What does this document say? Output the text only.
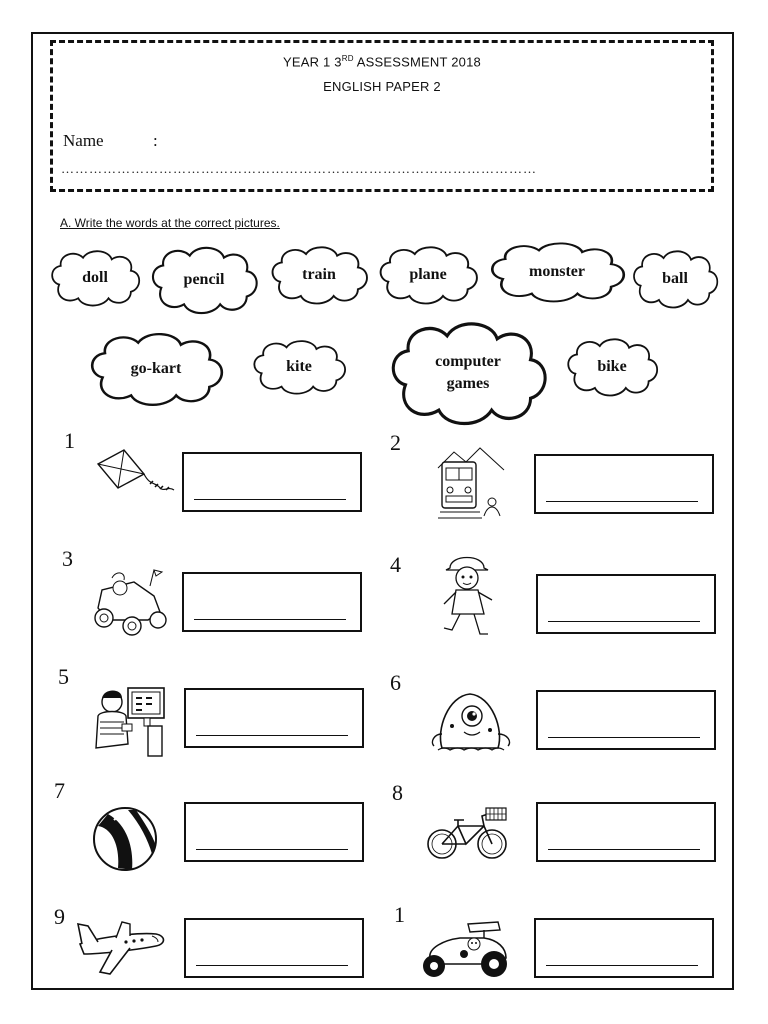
YEAR 1 3RD ASSESSMENT 2018
ENGLISH PAPER 2
Name	:
…………………………………………………………………………………………
A. Write the words at the correct pictures.
doll	pencil	train	plane	monster	ball
go-kart	kite	computer games
bike
1	2
3	4
5	6
7	8
9	1
